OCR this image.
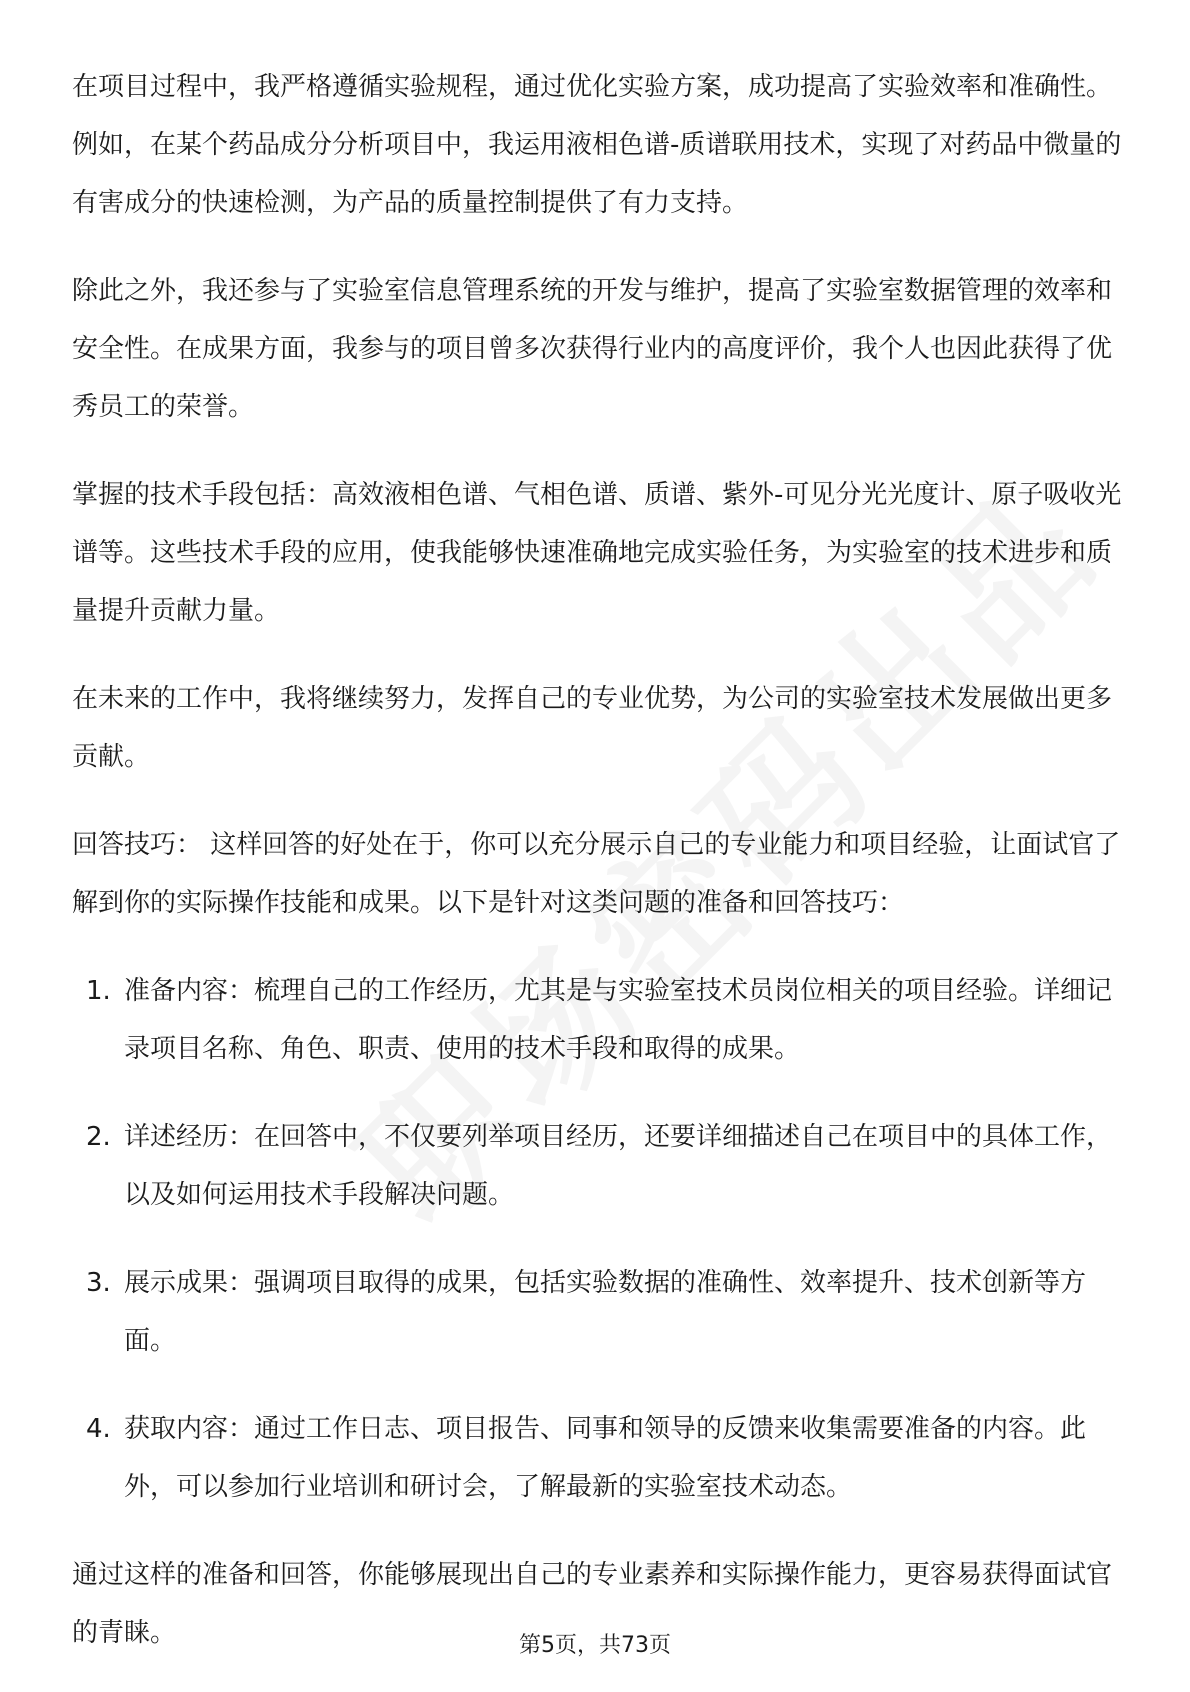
在项目过程中，我严格遵循实验规程，通过优化实验方案，成功提高了实验效率和准确性。例如，在某个药品成分分析项目中，我运用液相色谱-质谱联用技术，实现了对药品中微量的有害成分的快速检测，为产品的质量控制提供了有力支持。

除此之外，我还参与了实验室信息管理系统的开发与维护，提高了实验室数据管理的效率和安全性。在成果方面，我参与的项目曾多次获得行业内的高度评价，我个人也因此获得了优秀员工的荣誉。

掌握的技术手段包括：高效液相色谱、气相色谱、质谱、紫外-可见分光光度计、原子吸收光谱等。这些技术手段的应用，使我能够快速准确地完成实验任务，为实验室的技术进步和质量提升贡献力量。

在未来的工作中，我将继续努力，发挥自己的专业优势，为公司的实验室技术发展做出更多贡献。

回答技巧： 这样回答的好处在于，你可以充分展示自己的专业能力和项目经验，让面试官了解到你的实际操作技能和成果。以下是针对这类问题的准备和回答技巧：

1. 准备内容：梳理自己的工作经历，尤其是与实验室技术员岗位相关的项目经验。详细记录项目名称、角色、职责、使用的技术手段和取得的成果。
2. 详述经历：在回答中，不仅要列举项目经历，还要详细描述自己在项目中的具体工作，以及如何运用技术手段解决问题。
3. 展示成果：强调项目取得的成果，包括实验数据的准确性、效率提升、技术创新等方面。
4. 获取内容：通过工作日志、项目报告、同事和领导的反馈来收集需要准备的内容。此外，可以参加行业培训和研讨会，了解最新的实验室技术动态。

通过这样的准备和回答，你能够展现出自己的专业素养和实际操作能力，更容易获得面试官的青睐。	第5页，共73页
